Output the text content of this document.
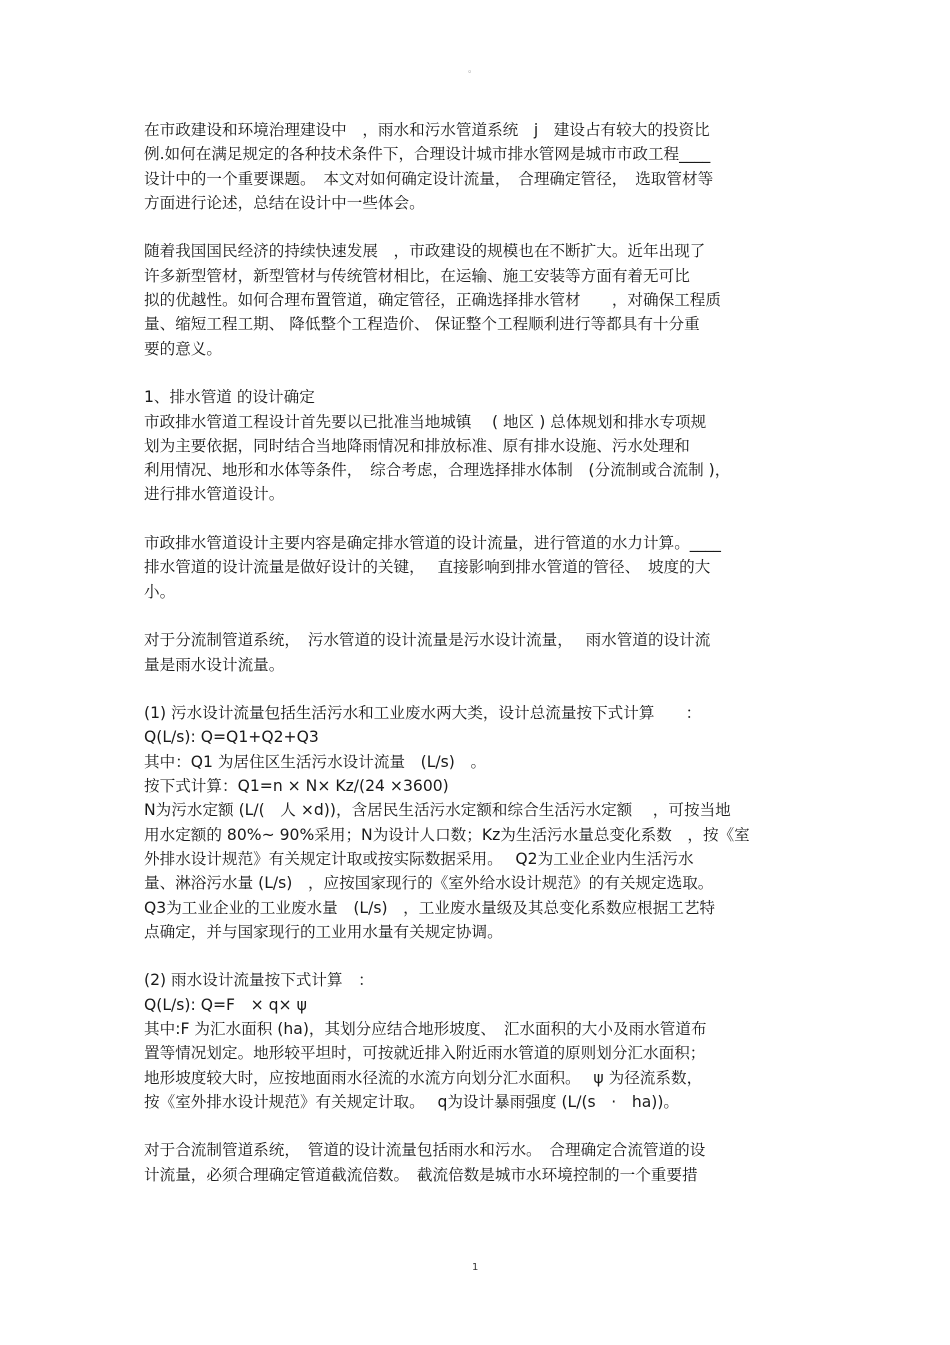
。
在市政建设和环境治理建设中　，雨水和污水管道系统　j　建设占有较大的投资比
例.如何在满足规定的各种技术条件下，合理设计城市排水管网是城市市政工程____
设计中的一个重要课题。　本文对如何确定设计流量，　合理确定管径，　选取管材等
方面进行论述，总结在设计中一些体会。
随着我国国民经济的持续快速发展　，市政建设的规模也在不断扩大。近年出现了
许多新型管材，新型管材与传统管材相比，在运输、施工安装等方面有着无可比
拟的优越性。如何合理布置管道，确定管径，正确选择排水管材　　，对确保工程质
量、缩短工程工期、 降低整个工程造价、 保证整个工程顺利进行等都具有十分重
要的意义。
1、排水管道 的设计确定
市政排水管道工程设计首先要以已批准当地城镇　 ( 地区 ) 总体规划和排水专项规
划为主要依据，同时结合当地降雨情况和排放标准、原有排水设施、污水处理和
利用情况、地形和水体等条件，　综合考虑，合理选择排水体制　(分流制或合流制 )，
进行排水管道设计。
市政排水管道设计主要内容是确定排水管道的设计流量，进行管道的水力计算。____
排水管道的设计流量是做好设计的关键，　 直接影响到排水管道的管径、　坡度的大
小。
对于分流制管道系统，　污水管道的设计流量是污水设计流量，　 雨水管道的设计流
量是雨水设计流量。
(1) 污水设计流量包括生活污水和工业废水两大类，设计总流量按下式计算　　：
Q(L/s): Q=Q1+Q2+Q3
其中：Q1 为居住区生活污水设计流量　(L/s)　。
按下式计算：Q1=n × N× Kz/(24 ×3600)
N为污水定额 (L/(　人 ×d))，含居民生活污水定额和综合生活污水定额　 ，可按当地
用水定额的 80%~ 90%采用；N为设计人口数；Kz为生活污水量总变化系数　，按《室
外排水设计规范》有关规定计取或按实际数据采用。　 Q2为工业企业内生活污水
量、淋浴污水量 (L/s)　，应按国家现行的《室外给水设计规范》的有关规定选取。
Q3为工业企业的工业废水量　(L/s)　，工业废水量级及其总变化系数应根据工艺特
点确定，并与国家现行的工业用水量有关规定协调。
(2) 雨水设计流量按下式计算　：
Q(L/s): Q=F　× q× ψ
其中:F 为汇水面积 (ha)，其划分应结合地形坡度、　汇水面积的大小及雨水管道布
置等情况划定。地形较平坦时，可按就近排入附近雨水管道的原则划分汇水面积；
地形坡度较大时，应按地面雨水径流的水流方向划分汇水面积。　 ψ 为径流系数，
按《室外排水设计规范》有关规定计取。　 q为设计暴雨强度 (L/(s　·　ha))。
对于合流制管道系统，　管道的设计流量包括雨水和污水。　合理确定合流管道的设
计流量，必须合理确定管道截流倍数。　截流倍数是城市水环境控制的一个重要措
1
